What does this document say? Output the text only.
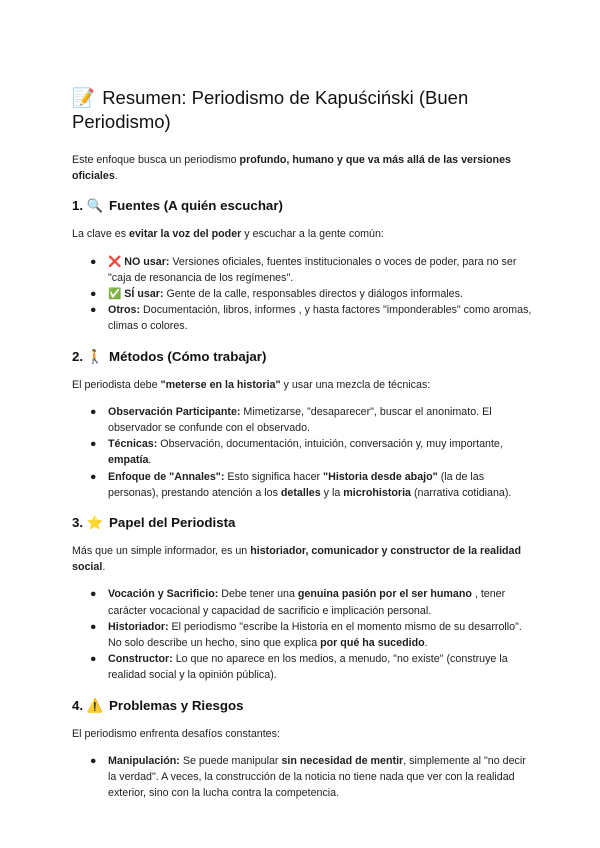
📝 Resumen: Periodismo de Kapuściński (Buen Periodismo)

Este enfoque busca un periodismo profundo, humano y que va más allá de las versiones oficiales.

1. 🔍 Fuentes (A quién escuchar)

La clave es evitar la voz del poder y escuchar a la gente común:

● ❌ NO usar: Versiones oficiales, fuentes institucionales o voces de poder, para no ser "caja de resonancia de los regímenes".
● ✅ SÍ usar: Gente de la calle, responsables directos y diálogos informales.
● Otros: Documentación, libros, informes , y hasta factores "imponderables" como aromas, climas o colores.
2. 🚶 Métodos (Cómo trabajar)

El periodista debe "meterse en la historia" y usar una mezcla de técnicas:

● Observación Participante: Mimetizarse, "desaparecer", buscar el anonimato. El observador se confunde con el observado.
● Técnicas: Observación, documentación, intuición, conversación y, muy importante, empatía.
● Enfoque de "Annales": Esto significa hacer "Historia desde abajo" (la de las personas), prestando atención a los detalles y la microhistoria (narrativa cotidiana).
3. ⭐ Papel del Periodista

Más que un simple informador, es un historiador, comunicador y constructor de la realidad social.

● Vocación y Sacrificio: Debe tener una genuina pasión por el ser humano , tener carácter vocacional y capacidad de sacrificio e implicación personal.
● Historiador: El periodismo "escribe la Historia en el momento mismo de su desarrollo". No solo describe un hecho, sino que explica por qué ha sucedido.
● Constructor: Lo que no aparece en los medios, a menudo, "no existe" (construye la realidad social y la opinión pública).
4. ⚠️ Problemas y Riesgos

El periodismo enfrenta desafíos constantes:

● Manipulación: Se puede manipular sin necesidad de mentir, simplemente al "no decir la verdad". A veces, la construcción de la noticia no tiene nada que ver con la realidad exterior, sino con la lucha contra la competencia.
